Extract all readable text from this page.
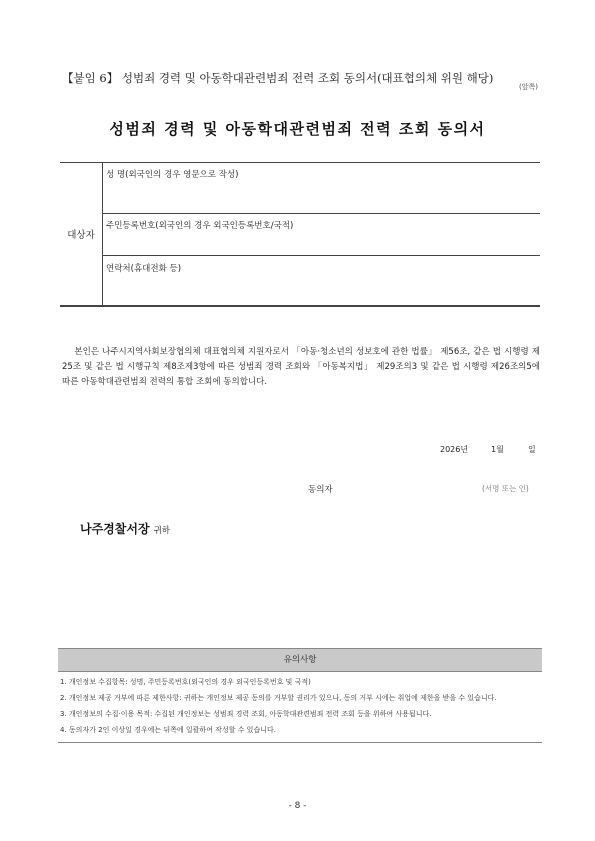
【붙임 6】 성범죄 경력 및 아동학대관련범죄 전력 조회 동의서(대표협의체 위원 해당)
(앞쪽)
성범죄 경력 및 아동학대관련범죄 전력 조회 동의서
대상자
성 명(외국인의 경우 영문으로 작성)
주민등록번호(외국인의 경우 외국인등록번호/국적)
연락처(휴대전화 등)
본인은 나주시지역사회보장협의체 대표협의체 지원자로서 「아동·청소년의 성보호에 관한 법률」 제56조, 같은 법 시행령 제25조 및 같은 법 시행규칙 제8조제3항에 따른 성범죄 경력 조회와 「아동복지법」 제29조의3 및 같은 법 시행령 제26조의5에 따른 아동학대관련범죄 전력의 통합 조회에 동의합니다.
2026년	1월	일
동의자	(서명 또는 인)
나주경찰서장 귀하
유의사항
1. 개인정보 수집항목: 성명, 주민등록번호(외국인의 경우 외국인등록번호 및 국적)
2. 개인정보 제공 거부에 따른 제한사항: 귀하는 개인정보 제공 동의를 거부할 권리가 있으나, 동의 거부 시에는 취업에 제한을 받을 수 있습니다.
3. 개인정보의 수집·이용 목적: 수집된 개인정보는 성범죄 경력 조회, 아동학대관련범죄 전력 조회 등을 위하여 사용됩니다.
4. 동의자가 2인 이상일 경우에는 뒤쪽에 일괄하여 작성할 수 있습니다.
- 8 -
